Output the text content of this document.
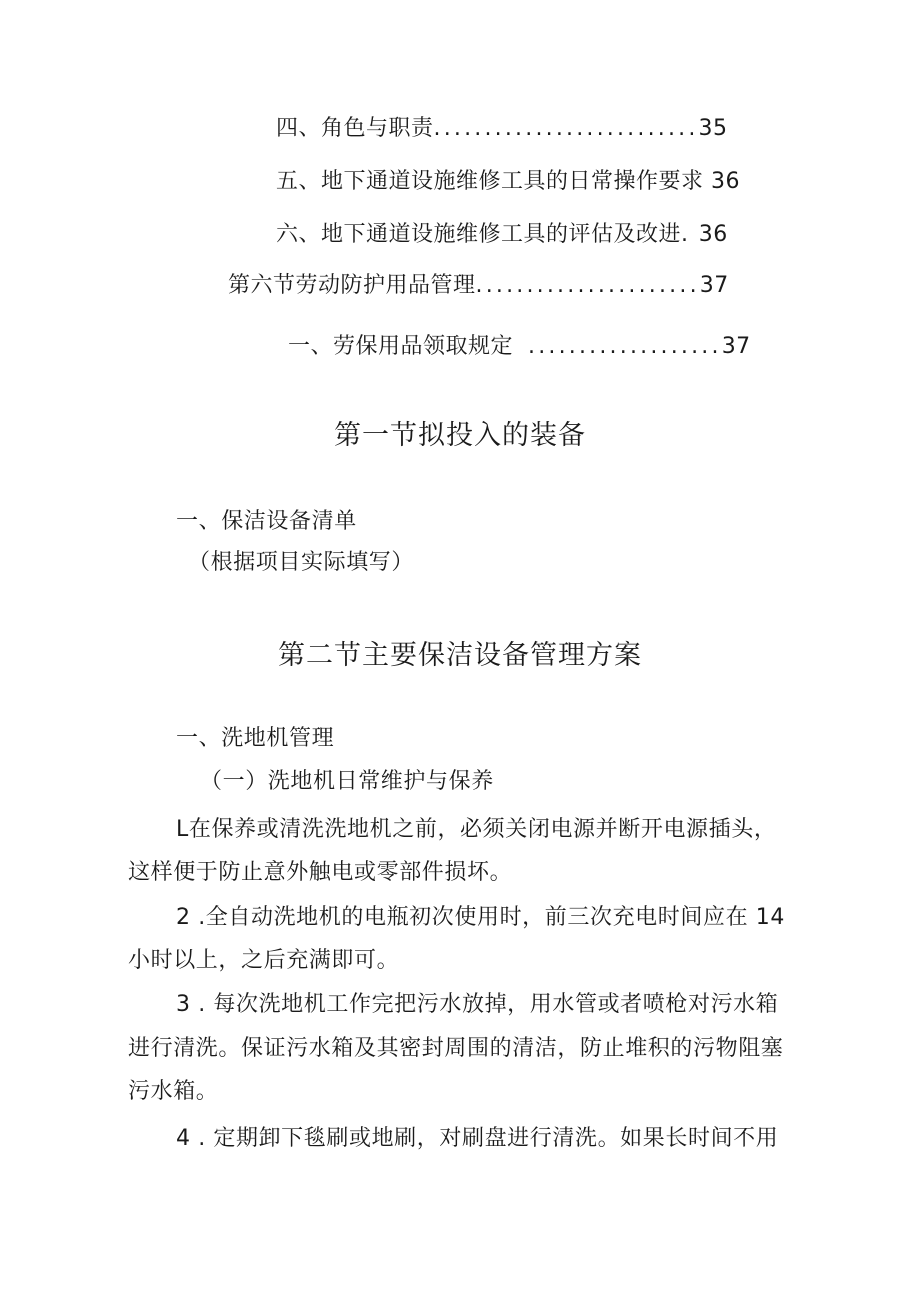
四、角色与职责..........................35
五、地下通道设施维修工具的日常操作要求 36
六、地下通道设施维修工具的评估及改进. 36
第六节劳动防护用品管理......................37
一、劳保用品领取规定 ...................37
第一节拟投入的装备
一、保洁设备清单
（根据项目实际填写）
第二节主要保洁设备管理方案
一、洗地机管理
（一）洗地机日常维护与保养
L在保养或清洗洗地机之前，必须关闭电源并断开电源插头，
这样便于防止意外触电或零部件损坏。
2 .全自动洗地机的电瓶初次使用时，前三次充电时间应在 14
小时以上，之后充满即可。
3 . 每次洗地机工作完把污水放掉，用水管或者喷枪对污水箱
进行清洗。保证污水箱及其密封周围的清洁，防止堆积的污物阻塞
污水箱。
4 . 定期卸下毯刷或地刷，对刷盘进行清洗。如果长时间不用
